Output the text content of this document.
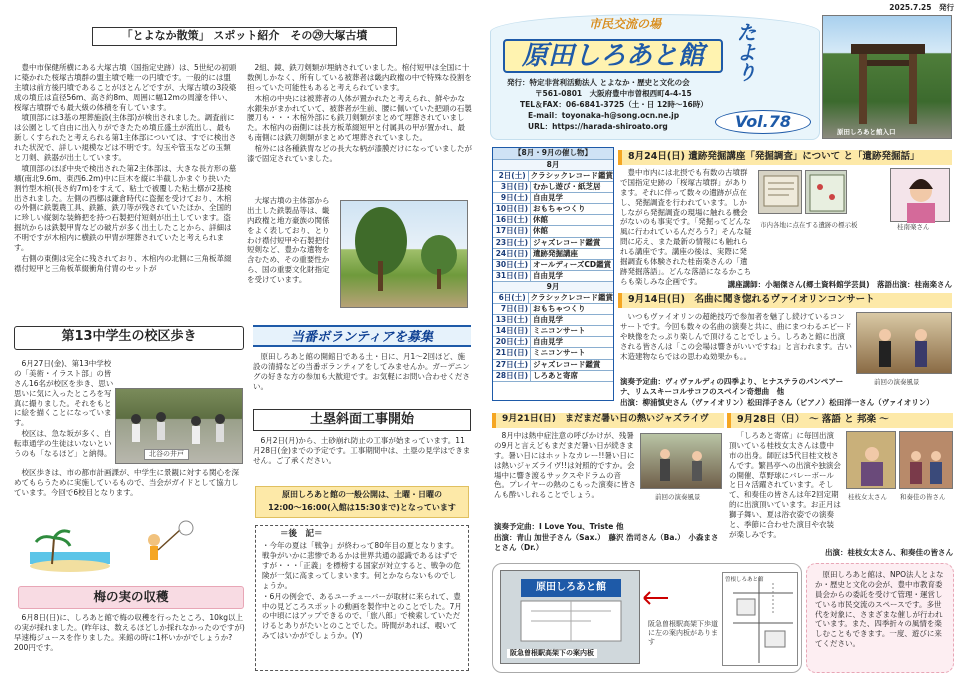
「とよなか散策」 スポット紹介　その㉙大塚古墳

豊中市保健所横にある大塚古墳（国指定史跡）は、5世紀の初頭に築かれた桜塚古墳群の盟主墳で唯一の円墳です。一般的には盟主墳は前方後円墳であることがほとんどですが、大塚古墳の3段築成の墳丘は直径56m、高さ約8m、周囲に幅12mの周濠を伴い、桜塚古墳群でも最大級の体積を有しています。

墳頂部には3基の埋葬施設(主体部)が検出されました。調査前には公園として自由に出入りができたため墳丘盛土が流出し、最も新しくすられたと考えられる第1主体部については、すでに検出された状況で、詳しい規模などは不明です。勾玉や管玉などの玉類と刀剣、鉄器が出土しています。

墳頂部のほぼ中央で検出された第2主体部は、大きな長方形の墓壙(南北9.6m、東西6.2m)中に巨木を縦に半截しかまぐり抉いた割竹型木棺(長さ約7m)をすえて、粘土で被覆した粘土槨が2基検出されました。左側の西槨は鎌倉時代に盗掘を受けており、木棺の外側に鉄製農工具、鉄鏃、鉄刀等が残されていたほか、全国的に珍しい縦剝な装飾把を持つ石製把付短剣が出土しています。盗掘坑からは鉄製甲冑などの破片が多く出土したことから、詳細は不明ですが木棺内に横鉄の甲冑が埋葬されていたと考えられます。

右側の東側は完全に残されており、木棺内の北側に三角板革綴襟付短甲と三角板革綴衝角付冑のセットが

2組、鏡、鉄刀剣類が埋納されていました。棺付短甲は全国に十数例しかなく、所有している被葬者は畿内政権の中で特殊な役割を担っていた可能性もあると考えられています。

木棺の中央には被葬者の人体が置かれたと考えられ、鮮やかな水銀朱がまかれていて、被葬者が生前、腰に佩いていた把頭の石製腰刀も・・・木棺外部にも鉄刀剣類がまとめて埋葬されていました。木棺内の南側には長方板革綴短甲と付属具の甲が置かれ、最も南側には鉄刀剣類がまとめて埋葬されていました。

棺外には各種鉄冑などの長大な柄が漆膜だけになっていましたが漆で固定されていました。

大塚古墳の主体部から出土した鉄製品等は、畿内政権と地方豪族の関係をよく表しており、とりわけ襟付短甲や石製把付短剣など、豊かな遺物を含むため、その重要性から、国の重要文化財指定を受けています。

第13中学生の校区歩き

6月27日(金)、第13中学校の「美術・イラスト部」の皆さん16名が校区を歩き、思い思いに気に入ったところを写真に撮りました。それをもとに絵を描くことになっています。

校区は、急な坂が多く、自転車通学の生徒はいないというのも「なるほど」と納得。

校区歩きは、市の都市計画課が、中学生に景観に対する関心を深めてもらうために実施しているもので、当会がガイドとして協力しています。今回で6校目となります。

北谷の井戸
梅の実の収穫

6月8日(日)に、しろあと館で梅の収穫を行ったところ、10kg以上の実が採れました。(昨年は、数えるほどしか採れなかったのですが) 早速梅ジュースを作りました。来館の時に1杯いかがでしょうか?　200円です。

当番ボランティアを募集

原田しろあと館の開館日である土・日に、月1〜2回ほど、施設の清掃などの当番ボランティアをしてみませんか。ガーデニングの好きな方の参加も大歓迎です。お気軽にお問い合わせください。

土塁斜面工事開始

6月2日(月)から、土砂崩れ防止の工事が始まっています。11月28日(金)までの予定です。工事期間中は、土塁の見学はできません。ご了承ください。

原田しろあと館の一般公開は、土曜・日曜の
12:00〜16:00(入館は15:30まで)となっています
＝後　記＝
・今年の夏は「戦争」が終わって80年目の夏となります。戦争がいかに悲惨であるかは世界共通の認識であるはずですが・・・「正義」を標榜する国家が対立すると、戦争の危険が一気に高まってしまいます。何とかならないものでしょうか。
・6月の例会で、あるユーチューバーが取材に来られて、豊中の見どころスポットの動画を製作中とのことでした。7月の中頃にはアップできるので、「旅八郎」で検索していただけるとありがたいとのことでした。時間があれば、覗いてみてはいかがでしょうか。(Y)
2025.7.25　発行
市民交流の場
原田しろあと館	たより
発行：特定非営利活動法人 とよなか・歴史と文化の会
〒561-0801　大阪府豊中市曽根西町4-4-15
TEL＆FAX：06-6841-3725（土・日 12時〜16時）
E-mail：toyonaka-h@song.ocn.ne.jp
URL：https://harada-shiroato.org	Vol.78
原田しろあと館入口
【8月・9月の催し物】
8月
2日(土) クラシックレコード鑑賞
3日(日) むかし遊び・紙芝居
9日(土) 自由見学
10日(日) おもちゃつくり
16日(土) 休館
17日(日) 休館
23日(土) ジャズレコード鑑賞
24日(日) 遺跡発掘講座
30日(土) オールディーズCD鑑賞
31日(日) 自由見学
9月
6日(土) クラシックレコード鑑賞
7日(日) おもちゃつくり
13日(土) 自由見学
14日(日) ミニコンサート
20日(土) 自由見学
21日(日) ミニコンサート
27日(土) ジャズレコード鑑賞
28日(日) しろあと寄席
8月24日(日) 遺跡発掘講座「発掘調査」について と「遺跡発掘話」

豊中市内には北摂でも有数の古墳群で国指定史跡の「桜塚古墳群」があります。それに伴って数々の遺跡が点在し、発掘調査を行われています。しかしながら発掘調査の現場に触れる機会がないのも事実です。「発掘ってどんな風に行われているんだろう?」そんな疑問に応え、また最新の情報にも触れられる講座です。講座の後は、実際に発掘調査も体験された桂南楽さんの「遺跡発掘落語」。どんな落語になるかこちらも楽しみな企画です。

市内各地に点在する遺跡の標示板	桂南楽さん
講座講師：小堀傑さん(郷土資料館学芸員)　落語出演：桂南楽さん
9月14日(日)　名曲に聞き惚れるヴァイオリンコンサート

いつもヴァイオリンの超絶技巧で参加者を魅了し続けているコンサートです。今回も数々の名曲の演奏と共に、曲にまつわるエピードや映像をたっぷり楽しんで頂けることでしょう。しろあと館に出演される皆さんは「この会場は響きがいいですね」と言われます。古い木造建物ならではの思わぬ効果かも。。

演奏予定曲：ヴィヴァルディの四季より、ヒナステラのパンペアーナ、リムスキーコルサコフのスペイン奇想曲　他
出演：柳浦慎史さん（ヴァイオリン）松田洋子さん（ピアノ）松田洋一さん（ヴァイオリン）
前回の演奏風景
9月21日(日)　まだまだ暑い日の熱いジャズライヴ

8月中は熱中症注意の呼びかけが、残暑の9月と言えどもまだまだ暑い日が続きます。暑い日にはホットなカレー!!暑い日には熱いジャズライヴ!!は対照的ですか。会場中に響き渡るサックスやドラムの音色。プレイヤーの熱のこもった演奏に皆さんも酔いしれることでしょう。	前回の演奏風景
演奏予定曲：I Love You、Triste 他
出演：青山 加世子さん（Sax.）　藤沢 浩司さん（Ba.）　小森まさとさん（Dr.）
9月28日（日）　〜 落語 と 邦楽 〜

「しろあと寄席」に毎回出演頂いている桂枝女太さんは豊中市の出身。師匠は5代目桂文枝さんです。繁昌亭への出演や独演会の開催、草野球にバレーボールと日々活躍されています。そして、和奏佳の皆さんは年2回定期的に出演頂いています。お正月は獅子舞い、夏は浴衣姿での演奏と、季節に合わせた演目や衣装が楽しみです。

桂枝女太さん	和奏佳の皆さん
出演：桂枝女太さん、和奏佳の皆さん
原田しろあと館
阪急曽根駅高架下の案内板
阪急曽根駅高架下歩道に左の案内板があります
曽根しろあと館

原田しろあと館は、NPO法人とよなか・歴史と文化の会が、豊中市教育委員会からの委託を受けて管理・運営している市民交流のスペースです。多世代を対象に、さまざまな催しが行われています。また、四季折々の風情を楽しむこともできます。一度、遊びに来てください。
